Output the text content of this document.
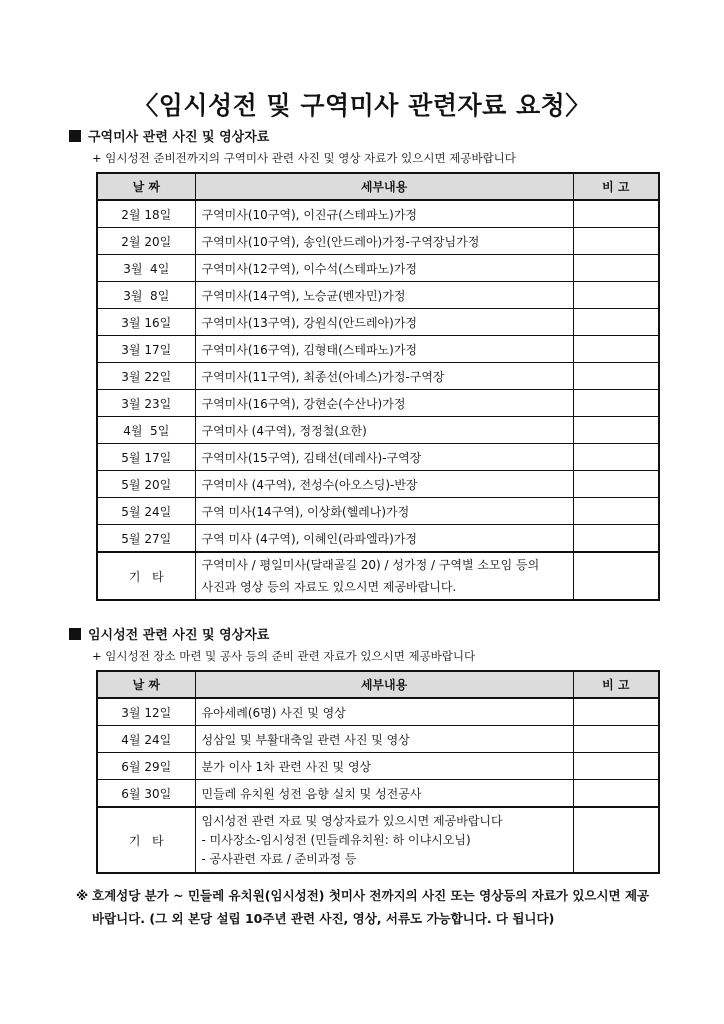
〈임시성전 및 구역미사 관련자료 요청〉
구역미사 관련 사진 및 영상자료
+ 임시성전 준비전까지의 구역미사 관련 사진 및 영상 자료가 있으시면 제공바랍니다
날 짜	세부내용	비 고
2월 18일	구역미사(10구역), 이진규(스테파노)가정	
2월 20일	구역미사(10구역), 송인(안드레아)가정-구역장님가정	
3월  4일	구역미사(12구역), 이수석(스테파노)가정	
3월  8일	구역미사(14구역), 노승균(벤자민)가정	
3월 16일	구역미사(13구역), 강원식(안드레아)가정	
3월 17일	구역미사(16구역), 김형태(스테파노)가정	
3월 22일	구역미사(11구역), 최종선(아녜스)가정-구역장	
3월 23일	구역미사(16구역), 강현순(수산나)가정	
4월  5일	구역미사 (4구역), 정정철(요한)	
5월 17일	구역미사(15구역), 김태선(데레사)-구역장	
5월 20일	구역미사 (4구역), 전성수(아오스딩)-반장	
5월 24일	구역 미사(14구역), 이상화(헬레나)가정	
5월 27일	구역 미사 (4구역), 이혜인(라파엘라)가정	
기   타	구역미사 / 평일미사(달래골길 20) / 성가정 / 구역별 소모임 등의
사진과 영상 등의 자료도 있으시면 제공바랍니다.	

임시성전 관련 사진 및 영상자료
+ 임시성전 장소 마련 및 공사 등의 준비 관련 자료가 있으시면 제공바랍니다
날 짜	세부내용	비 고
3월 12일	유아세례(6명) 사진 및 영상	
4월 24일	성삼일 및 부활대축일 관련 사진 및 영상	
6월 29일	분가 이사 1차 관련 사진 및 영상	
6월 30일	민들레 유치원 성전 음향 실치 및 성전공사	
기   타	임시성전 관련 자료 및 영상자료가 있으시면 제공바랍니다
- 미사장소-임시성전 (민들레유치원: 하 이냐시오님)
- 공사관련 자료 / 준비과정 등	

※ 호계성당 분가 ~ 민들레 유치원(임시성전) 첫미사 전까지의 사진 또는 영상등의 자료가 있으시면 제공
바랍니다. (그 외 본당 설립 10주년 관련 사진, 영상, 서류도 가능합니다. 다 됩니다)
